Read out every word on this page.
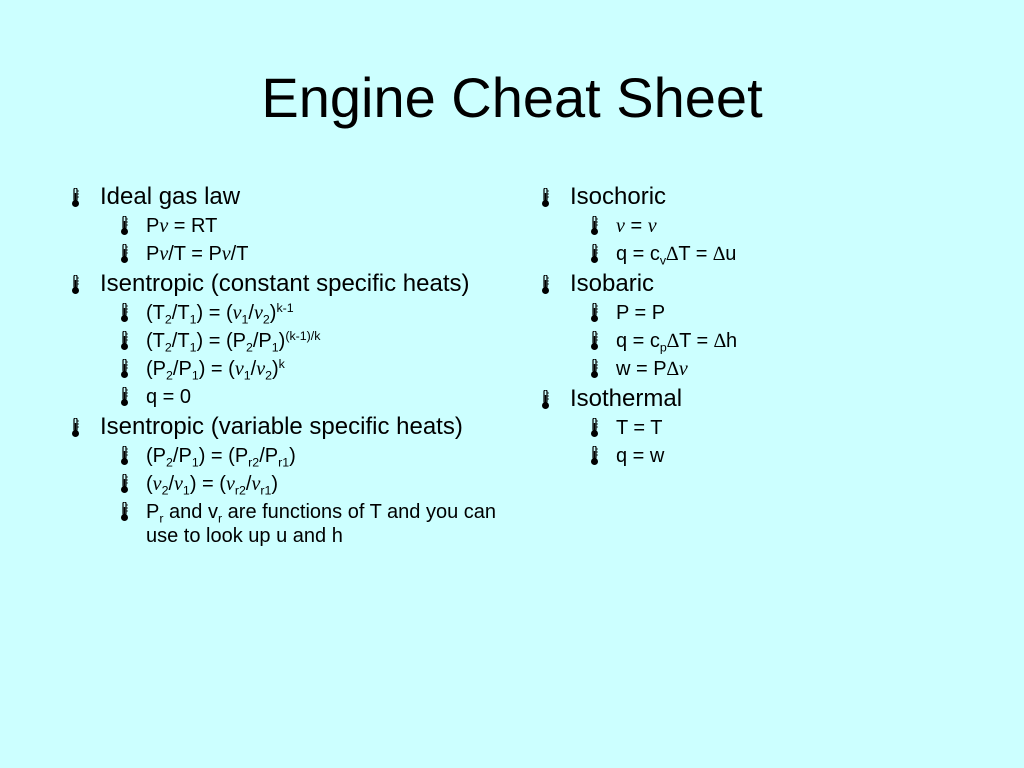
Engine Cheat Sheet
Ideal gas law
Pv = RT
Pv/T = Pv/T
Isentropic (constant specific heats)
$(T_2/T_1) = (v_1/v_2)^{k-1}$
$(T_2/T_1) = (P_2/P_1)^{(k-1)/k}$
$(P_2/P_1) = (v_1/v_2)^k$
q = 0
Isentropic (variable specific heats)
$(P_2/P_1) = (P_{r2}/P_{r1})$
$(v_2/v_1) = (v_{r2}/v_{r1})$
$P_r$ and $v_r$ are functions of T and you can use to look up u and h
Isochoric
v = v
$q = c_v\Delta T = \Delta u$
Isobaric
P = P
$q = c_p\Delta T = \Delta h$
w = P∆v
Isothermal
T = T
q = w
